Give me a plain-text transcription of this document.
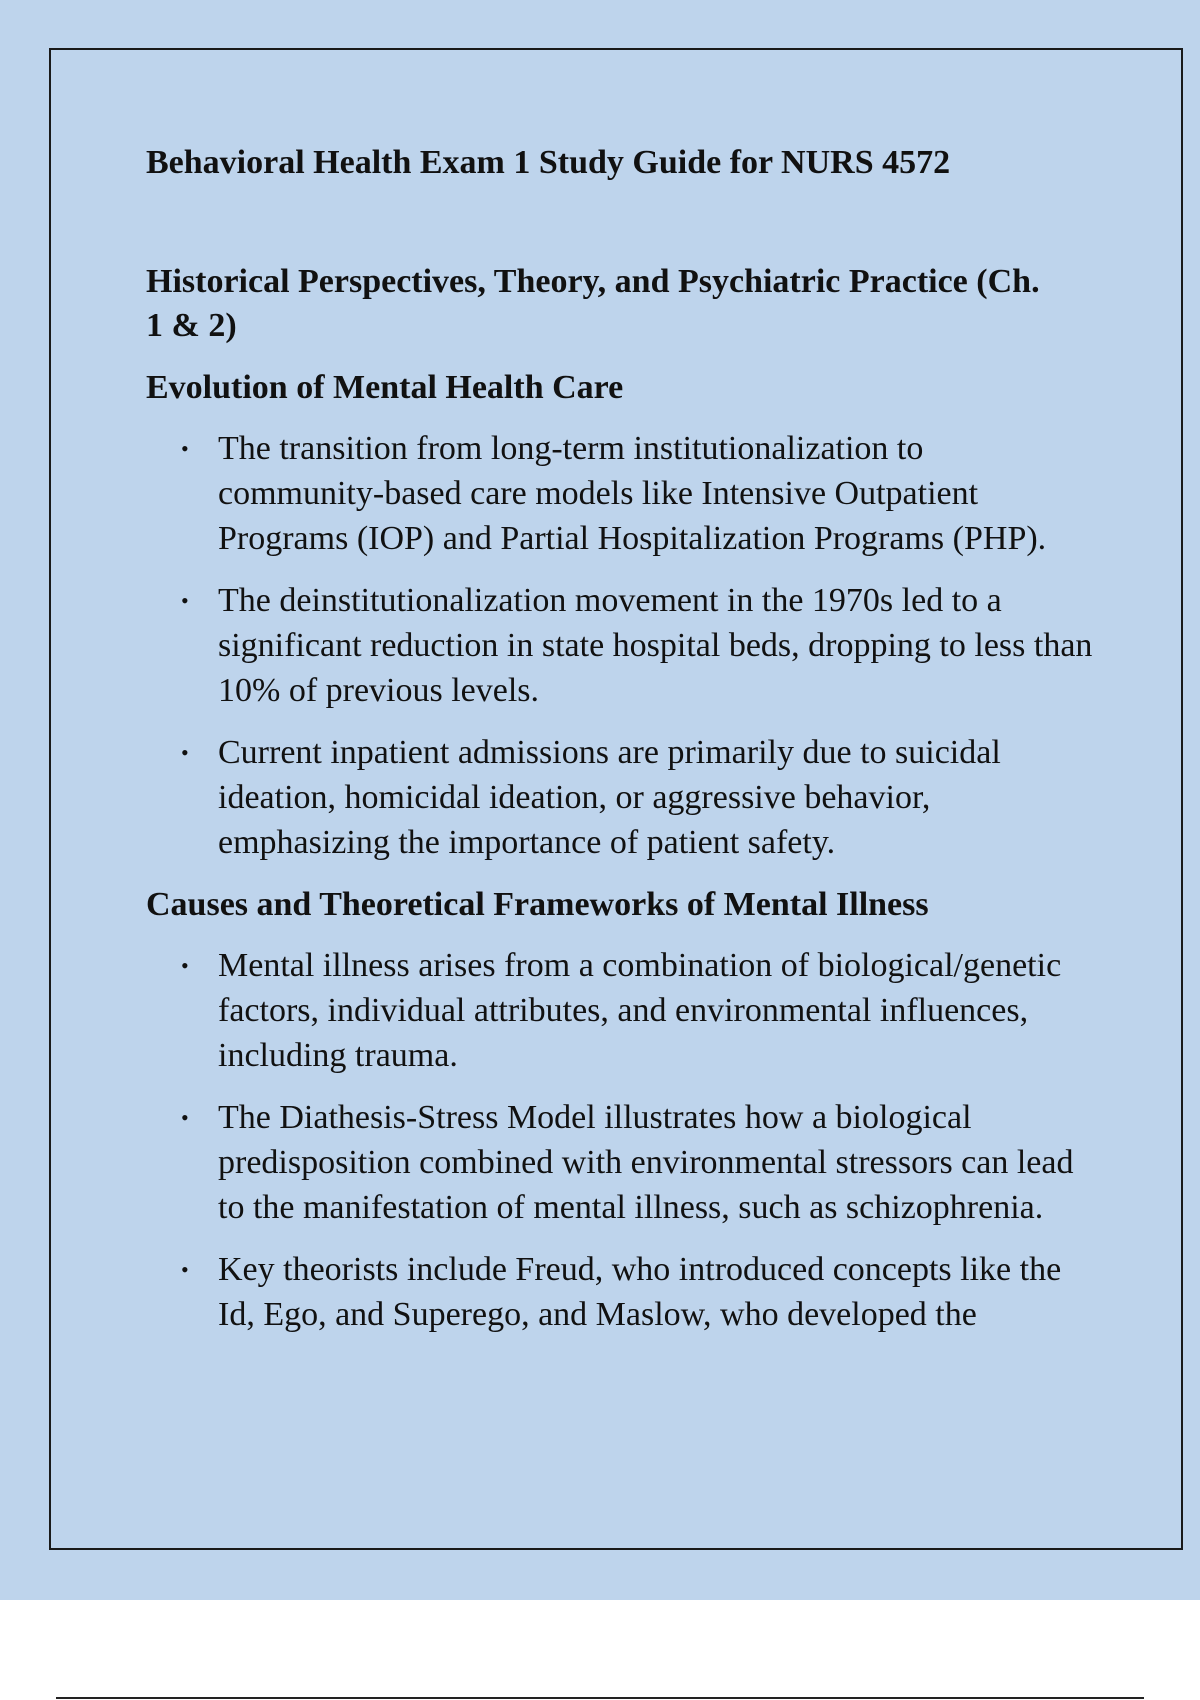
Behavioral Health Exam 1 Study Guide for NURS 4572
Historical Perspectives, Theory, and Psychiatric Practice (Ch. 1 & 2)
Evolution of Mental Health Care
• The transition from long-term institutionalization to community-based care models like Intensive Outpatient Programs (IOP) and Partial Hospitalization Programs (PHP).
• The deinstitutionalization movement in the 1970s led to a significant reduction in state hospital beds, dropping to less than 10% of previous levels.
• Current inpatient admissions are primarily due to suicidal ideation, homicidal ideation, or aggressive behavior, emphasizing the importance of patient safety.
Causes and Theoretical Frameworks of Mental Illness
• Mental illness arises from a combination of biological/genetic factors, individual attributes, and environmental influences, including trauma.
• The Diathesis-Stress Model illustrates how a biological predisposition combined with environmental stressors can lead to the manifestation of mental illness, such as schizophrenia.
• Key theorists include Freud, who introduced concepts like the Id, Ego, and Superego, and Maslow, who developed the
